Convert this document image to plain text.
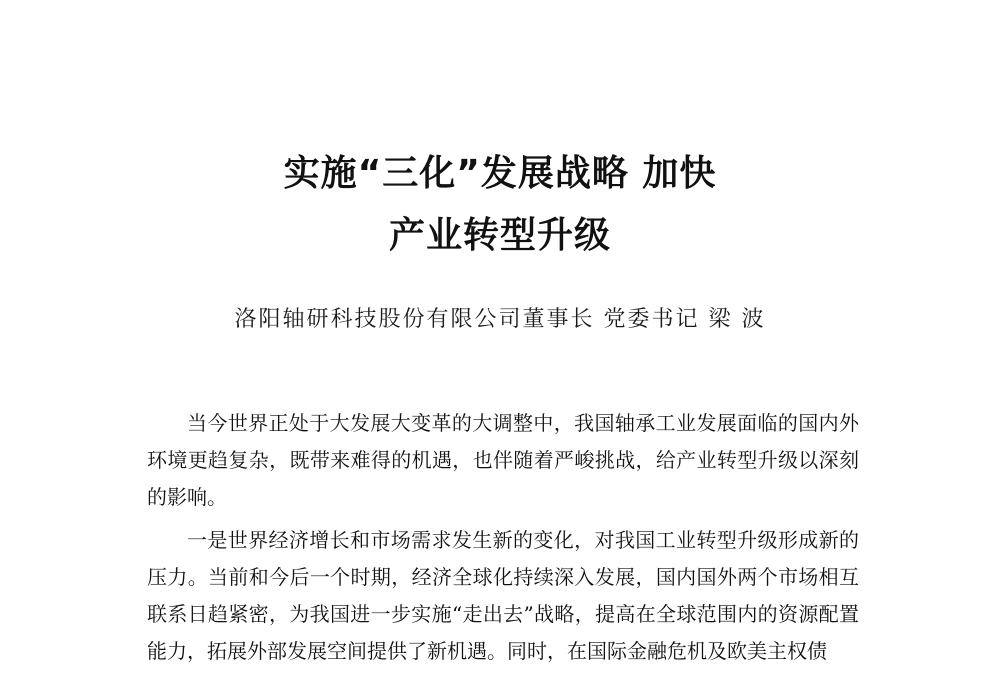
实施“三化”发展战略 加快
产业转型升级
洛阳轴研科技股份有限公司董事长 党委书记 梁 波

当今世界正处于大发展大变革的大调整中，我国轴承工业发展面临的国内外环境更趋复杂，既带来难得的机遇，也伴随着严峻挑战，给产业转型升级以深刻的影响。

一是世界经济增长和市场需求发生新的变化，对我国工业转型升级形成新的压力。当前和今后一个时期，经济全球化持续深入发展，国内国外两个市场相互联系日趋紧密，为我国进一步实施“走出去”战略，提高在全球范围内的资源配置能力，拓展外部发展空间提供了新机遇。同时，在国际金融危机及欧美主权债
